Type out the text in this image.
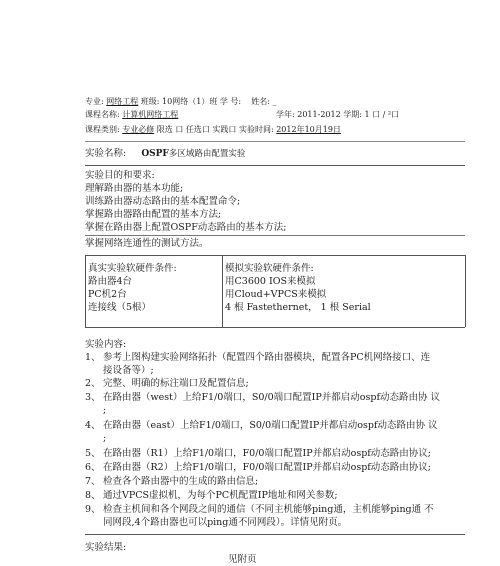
专业: 网络工程 班级: 10网络（1）班 学 号: 姓名: _
课程名称: 计算机网络工程	学年: 2011-2012 学期: 1 口 / ²口
课程类别: 专业必修 限选 口 任选口 实践口 实验时间: 2012年10月19日
实验名称: OSPF多区域路由配置实验
实验目的和要求:
理解路由器的基本功能;
训练路由器动态路由的基本配置命令;
掌握路由器路由配置的基本方法;
掌握在路由器上配置OSPF动态路由的基本方法;
掌握网络连通性的测试方法。
真实实验软硬件条件:
路由器4台
PC机2台
连接线（5根）
模拟实验软硬件条件:
用C3600 IOS来模拟
用Cloud+VPCS来模拟
4 根 Fastethernet， 1 根 Serial
实验内容:
1、 参考上图构建实验网络拓扑（配置四个路由器模块，配置各PC机网络接口、连
接设备等）;
2、 完整、明确的标注端口及配置信息;
3、 在路由器（west）上给F1/0端口，S0/0端口配置IP并都启动ospf动态路由协 议
;
4、 在路由器（east）上给F1/0端口，S0/0端口配置IP并都启动ospf动态路由协 议
;
5、 在路由器（R1）上给F1/0端口，F0/0端口配置IP并都启动ospf动态路由协议;
6、 在路由器（R2）上给F1/0端口，F0/0端口配置IP并都启动ospf动态路由协议;
7、 检查各个路由器中的生成的路由信息;
8、 通过VPCS虚拟机，为每个PC机配置IP地址和网关参数;
9、 检查主机间和各个网段之间的通信（不同主机能够ping通，主机能够ping通 不
同网段,4个路由器也可以ping通不同网段）。详情见附页。
实验结果:
见附页
